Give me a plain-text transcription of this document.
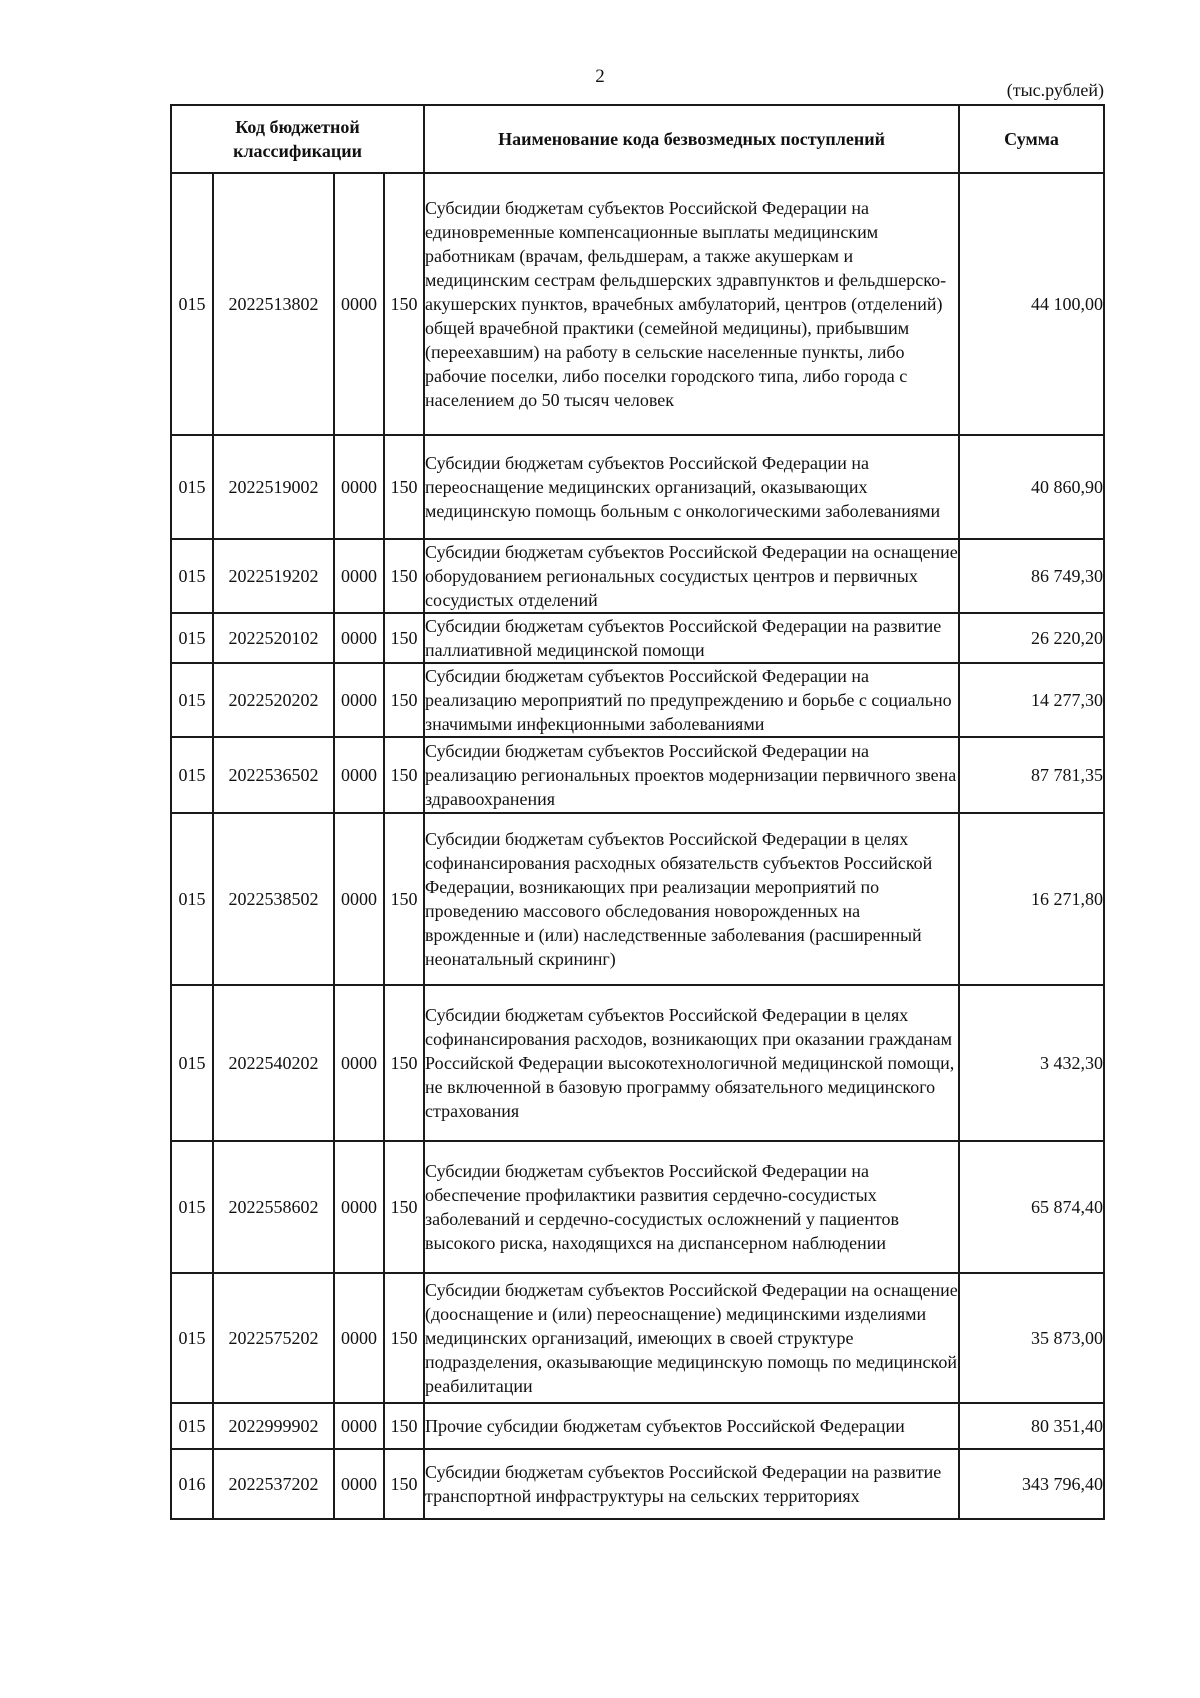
2
(тыс.рублей)
Код бюджетной классификации				Наименование кода безвозмедных поступлений	Сумма
015	2022513802	0000	150	Субсидии бюджетам субъектов Российской Федерации на единовременные компенсационные выплаты медицинским работникам (врачам, фельдшерам, а также акушеркам и медицинским сестрам фельдшерских здравпунктов и фельдшерско-акушерских пунктов, врачебных амбулаторий, центров (отделений) общей врачебной практики (семейной медицины), прибывшим (переехавшим) на работу в сельские населенные пункты, либо рабочие поселки, либо поселки городского типа, либо города с населением до 50 тысяч человек	44 100,00
015	2022519002	0000	150	Субсидии бюджетам субъектов Российской Федерации на переоснащение медицинских организаций, оказывающих медицинскую помощь больным с онкологическими заболеваниями	40 860,90
015	2022519202	0000	150	Субсидии бюджетам субъектов Российской Федерации на оснащение оборудованием региональных сосудистых центров и первичных сосудистых отделений	86 749,30
015	2022520102	0000	150	Субсидии бюджетам субъектов Российской Федерации на развитие паллиативной медицинской помощи	26 220,20
015	2022520202	0000	150	Субсидии бюджетам субъектов Российской Федерации на реализацию мероприятий по предупреждению и борьбе с социально значимыми инфекционными заболеваниями	14 277,30
015	2022536502	0000	150	Субсидии бюджетам субъектов Российской Федерации на реализацию региональных проектов модернизации первичного звена здравоохранения	87 781,35
015	2022538502	0000	150	Субсидии бюджетам субъектов Российской Федерации в целях софинансирования расходных обязательств субъектов Российской Федерации, возникающих при реализации мероприятий по проведению массового обследования новорожденных на врожденные и (или) наследственные заболевания (расширенный неонатальный скрининг)	16 271,80
015	2022540202	0000	150	Субсидии бюджетам субъектов Российской Федерации в целях софинансирования расходов, возникающих при оказании гражданам Российской Федерации высокотехнологичной медицинской помощи, не включенной в базовую программу обязательного медицинского страхования	3 432,30
015	2022558602	0000	150	Субсидии бюджетам субъектов Российской Федерации на обеспечение профилактики развития сердечно-сосудистых заболеваний и сердечно-сосудистых осложнений у пациентов высокого риска, находящихся на диспансерном наблюдении	65 874,40
015	2022575202	0000	150	Субсидии бюджетам субъектов Российской Федерации на оснащение (дооснащение и (или) переоснащение) медицинскими изделиями медицинских организаций, имеющих в своей структуре подразделения, оказывающие медицинскую помощь по медицинской реабилитации	35 873,00
015	2022999902	0000	150	Прочие субсидии бюджетам субъектов Российской Федерации	80 351,40
016	2022537202	0000	150	Субсидии бюджетам субъектов Российской Федерации на развитие транспортной инфраструктуры на сельских территориях	343 796,40
